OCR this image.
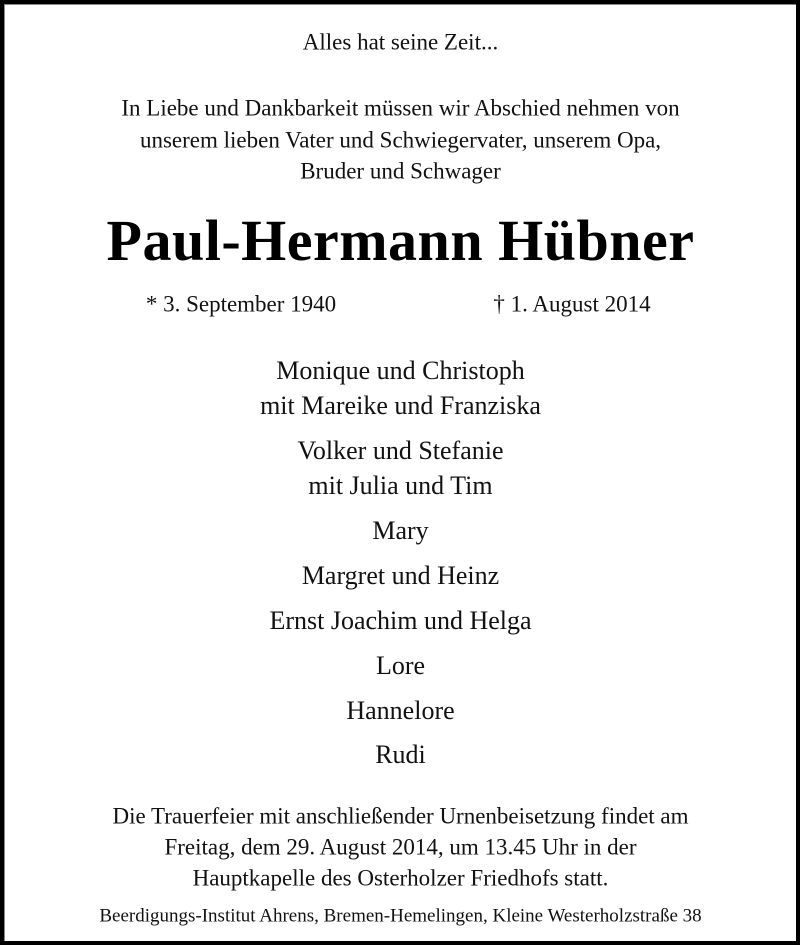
Alles hat seine Zeit...
In Liebe und Dankbarkeit müssen wir Abschied nehmen von
unserem lieben Vater und Schwiegervater, unserem Opa,
Bruder und Schwager
Paul-Hermann Hübner
* 3. September 1940	† 1. August 2014
Monique und Christoph
mit Mareike und Franziska
Volker und Stefanie
mit Julia und Tim
Mary
Margret und Heinz
Ernst Joachim und Helga
Lore
Hannelore
Rudi
Die Trauerfeier mit anschließender Urnenbeisetzung findet am
Freitag, dem 29. August 2014, um 13.45 Uhr in der
Hauptkapelle des Osterholzer Friedhofs statt.
Beerdigungs-Institut Ahrens, Bremen-Hemelingen, Kleine Westerholzstraße 38
